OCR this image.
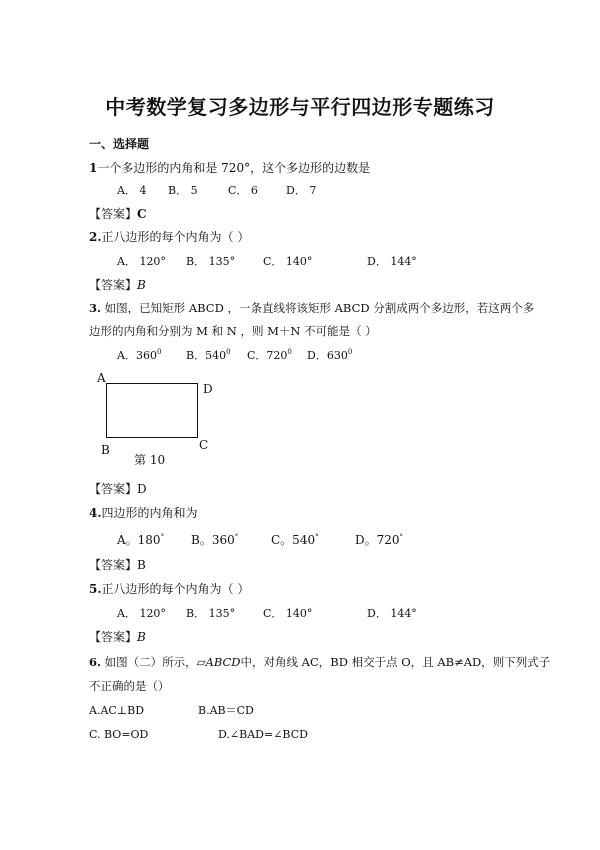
中考数学复习多边形与平行四边形专题练习
一、选择题
1一个多边形的内角和是 720°，这个多边形的边数是
A． 4 B． 5	C． 6	D． 7
【答案】C
2.正八边形的每个内角为（ ）
A． 120° B． 135°	C． 140°	D． 144°
【答案】B
3. 如图，已知矩形 ABCD ，一条直线将该矩形 ABCD 分割成两个多边形，若这两个多
边形的内角和分别为 M 和 N ，则 M＋N 不可能是（ ）
A．$360^0$ B．$540^0$ C．$720^0$ D．$630^0$
A
D
B	C
第 10
【答案】D
4.四边形的内角和为
A。180° B。360°	C。540°	D。720°
【答案】B
5.正八边形的每个内角为（ ）
A． 120° B． 135°	C． 140°	D． 144°
【答案】B
6. 如图（二）所示，▱ABCD中，对角线 AC，BD 相交于点 O，且 AB≠AD，则下列式子
不正确的是（）
A.AC⊥BD	B.AB＝CD
C. BO=OD	D.∠BAD=∠BCD
